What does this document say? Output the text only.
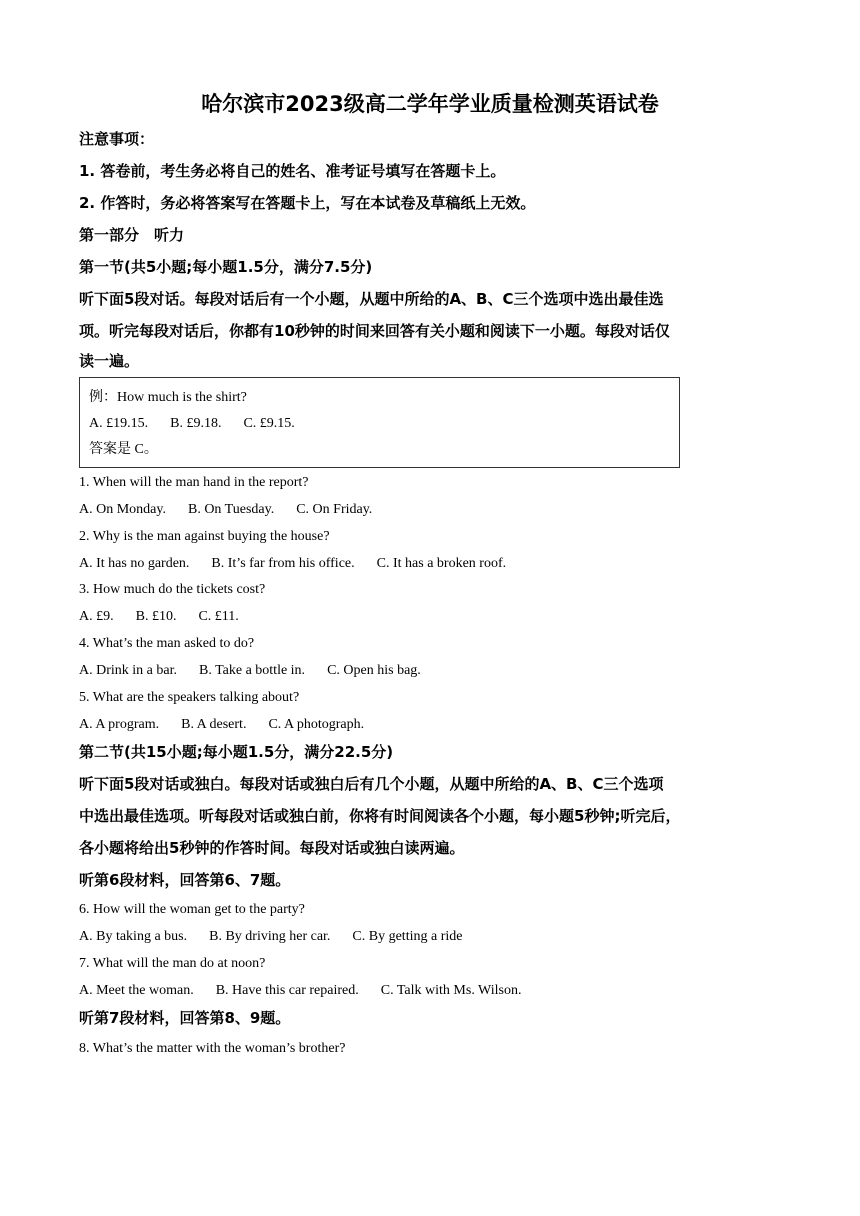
哈尔滨市2023级高二学年学业质量检测英语试卷
注意事项：
1. 答卷前，考生务必将自己的姓名、准考证号填写在答题卡上。
2. 作答时，务必将答案写在答题卡上，写在本试卷及草稿纸上无效。
第一部分　听力
第一节(共5小题;每小题1.5分，满分7.5分)
听下面5段对话。每段对话后有一个小题，从题中所给的A、B、C三个选项中选出最佳选
项。听完每段对话后，你都有10秒钟的时间来回答有关小题和阅读下一小题。每段对话仅
读一遍。
例：How much is the shirt?
A. £19.15. B. £9.18. C. £9.15.
答案是 C。
1. When will the man hand in the report?
A. On Monday. B. On Tuesday. C. On Friday.
2. Why is the man against buying the house?
A. It has no garden. B. It’s far from his office. C. It has a broken roof.
3. How much do the tickets cost?
A. £9. B. £10. C. £11.
4. What’s the man asked to do?
A. Drink in a bar. B. Take a bottle in. C. Open his bag.
5. What are the speakers talking about?
A. A program. B. A desert. C. A photograph.
第二节(共15小题;每小题1.5分，满分22.5分)
听下面5段对话或独白。每段对话或独白后有几个小题，从题中所给的A、B、C三个选项
中选出最佳选项。听每段对话或独白前，你将有时间阅读各个小题，每小题5秒钟;听完后，
各小题将给出5秒钟的作答时间。每段对话或独白读两遍。
听第6段材料，回答第6、7题。
6. How will the woman get to the party?
A. By taking a bus. B. By driving her car. C. By getting a ride
7. What will the man do at noon?
A. Meet the woman. B. Have this car repaired. C. Talk with Ms. Wilson.
听第7段材料，回答第8、9题。
8. What’s the matter with the woman’s brother?
